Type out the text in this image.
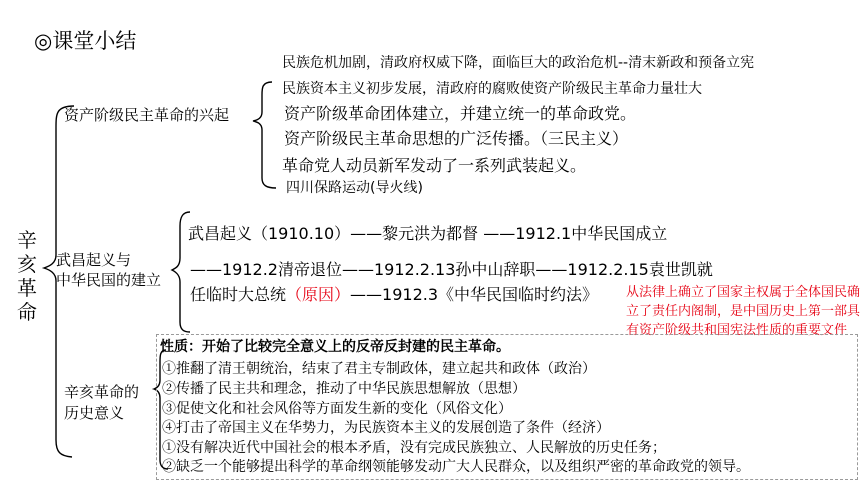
◎课堂小结
辛亥革命
资产阶级民主革命的兴起
民族危机加剧，清政府权威下降，面临巨大的政治危机--清末新政和预备立宪
民族资本主义初步发展，清政府的腐败使资产阶级民主革命力量壮大
资产阶级革命团体建立，并建立统一的革命政党。
资产阶级民主革命思想的广泛传播。（三民主义）
革命党人动员新军发动了一系列武装起义。
四川保路运动(导火线)
武昌起义与
中华民国的建立
武昌起义（1910.10）——黎元洪为都督 ——1912.1中华民国成立
——1912.2清帝退位——1912.2.13孙中山辞职——1912.2.15袁世凯就
任临时大总统（原因）——1912.3《中华民国临时约法》 从法律上确立了国家主权属于全体国民确立了责任内阁制，是中国历史上第一部具有资产阶级共和国宪法性质的重要文件
辛亥革命的
历史意义
性质：开始了比较完全意义上的反帝反封建的民主革命。
①推翻了清王朝统治，结束了君主专制政体，建立起共和政体（政治）
②传播了民主共和理念，推动了中华民族思想解放（思想）
③促使文化和社会风俗等方面发生新的变化（风俗文化）
④打击了帝国主义在华势力，为民族资本主义的发展创造了条件（经济）
①没有解决近代中国社会的根本矛盾，没有完成民族独立、人民解放的历史任务；
②缺乏一个能够提出科学的革命纲领能够发动广大人民群众，以及组织严密的革命政党的领导。
